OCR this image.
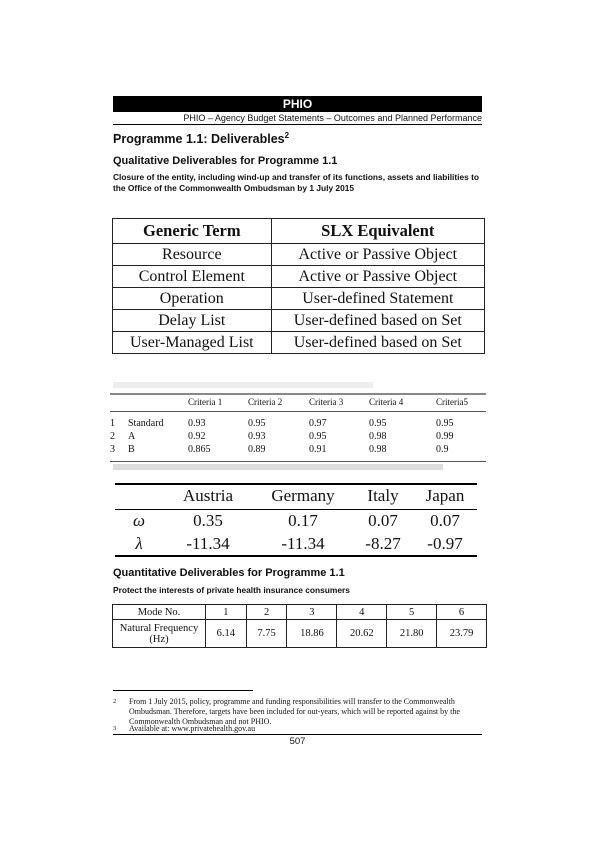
PHIO
PHIO – Agency Budget Statements – Outcomes and Planned Performance
Programme 1.1: Deliverables$^2$
Qualitative Deliverables for Programme 1.1
Closure of the entity, including wind-up and transfer of its functions, assets and liabilities to the Office of the Commonwealth Ombudsman by 1 July 2015
Generic Term	SLX Equivalent
Resource	Active or Passive Object
Control Element	Active or Passive Object
Operation	User-defined Statement
Delay List	User-defined based on Set
User-Managed List	User-defined based on Set
		Criteria 1	Criteria 2	Criteria 3	Criteria 4	Criteria5
1	Standard	0.93	0.95	0.97	0.95	0.95
2	A	0.92	0.93	0.95	0.98	0.99
3	B	0.865	0.89	0.91	0.98	0.9
	Austria	Germany	Italy	Japan
ω	0.35	0.17	0.07	0.07
λ	-11.34	-11.34	-8.27	-0.97
Quantitative Deliverables for Programme 1.1
Protect the interests of private health insurance consumers
Mode No.	1	2	3	4	5	6
Natural Frequency (Hz)	6.14	7.75	18.86	20.62	21.80	23.79
2 From 1 July 2015, policy, programme and funding responsibilities will transfer to the Commonwealth Ombudsman. Therefore, targets have been included for out-years, which will be reported against by the Commonwealth Ombudsman and not PHIO.
3 Available at: www.privatehealth.gov.au
507
